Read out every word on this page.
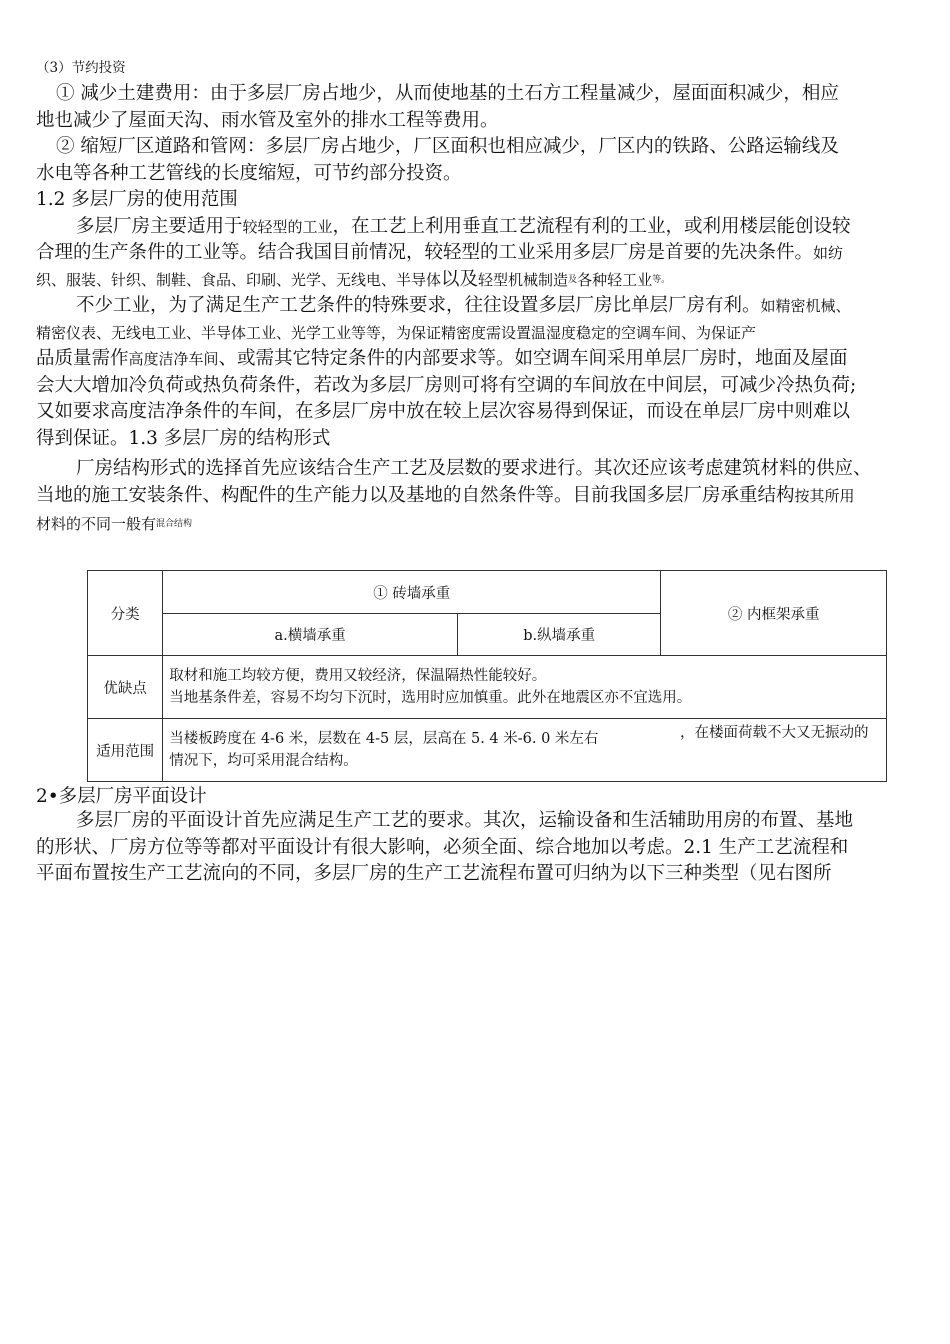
（3）节约投资
① 减少土建费用：由于多层厂房占地少，从而使地基的土石方工程量减少，屋面面积减少，相应
地也减少了屋面天沟、雨水管及室外的排水工程等费用。
② 缩短厂区道路和管网：多层厂房占地少，厂区面积也相应减少，厂区内的铁路、公路运输线及
水电等各种工艺管线的长度缩短，可节约部分投资。
1.2 多层厂房的使用范围
多层厂房主要适用于较轻型的工业，在工艺上利用垂直工艺流程有利的工业，或利用楼层能创设较
合理的生产条件的工业等。结合我国目前情况，较轻型的工业采用多层厂房是首要的先决条件。如纺
织、服装、针织、制鞋、食品、印刷、光学、无线电、半导体以及轻型机械制造$^及$各种轻工业$^{等。}$
不少工业，为了满足生产工艺条件的特殊要求，往往设置多层厂房比单层厂房有利。如精密机械、
精密仪表、无线电工业、半导体工业、光学工业等等，为保证精密度需设置温湿度稳定的空调车间、为保证产
品质量需作高度洁净车间、或需其它特定条件的内部要求等。如空调车间采用单层厂房时，地面及屋面
会大大增加冷负荷或热负荷条件，若改为多层厂房则可将有空调的车间放在中间层，可减少冷热负荷;
又如要求高度洁净条件的车间，在多层厂房中放在较上层次容易得到保证，而设在单层厂房中则难以
得到保证。1.3 多层厂房的结构形式
厂房结构形式的选择首先应该结合生产工艺及层数的要求进行。其次还应该考虑建筑材料的供应、
当地的施工安装条件、构配件的生产能力以及基地的自然条件等。目前我国多层厂房承重结构按其所用
材料的不同一般有$^{混合结构}$
分类	① 砖墙承重		② 内框架承重
	a.横墙承重	b.纵墙承重	
优缺点	取材和施工均较方便，费用又较经济，保温隔热性能较好。
当地基条件差，容易不均匀下沉时，选用时应加慎重。此外在地震区亦不宜选用。		

适用范围	当楼板跨度在 4-6 米，层数在 4-5 层，层高在 5. 4 米-6. 0 米左右 ，在楼面荷载不大又无振动的
情况下，均可采用混合结构。		
2•多层厂房平面设计
多层厂房的平面设计首先应满足生产工艺的要求。其次，运输设备和生活辅助用房的布置、基地
的形状、厂房方位等等都对平面设计有很大影响，必须全面、综合地加以考虑。2.1 生产工艺流程和
平面布置按生产工艺流向的不同，多层厂房的生产工艺流程布置可归纳为以下三种类型（见右图所
